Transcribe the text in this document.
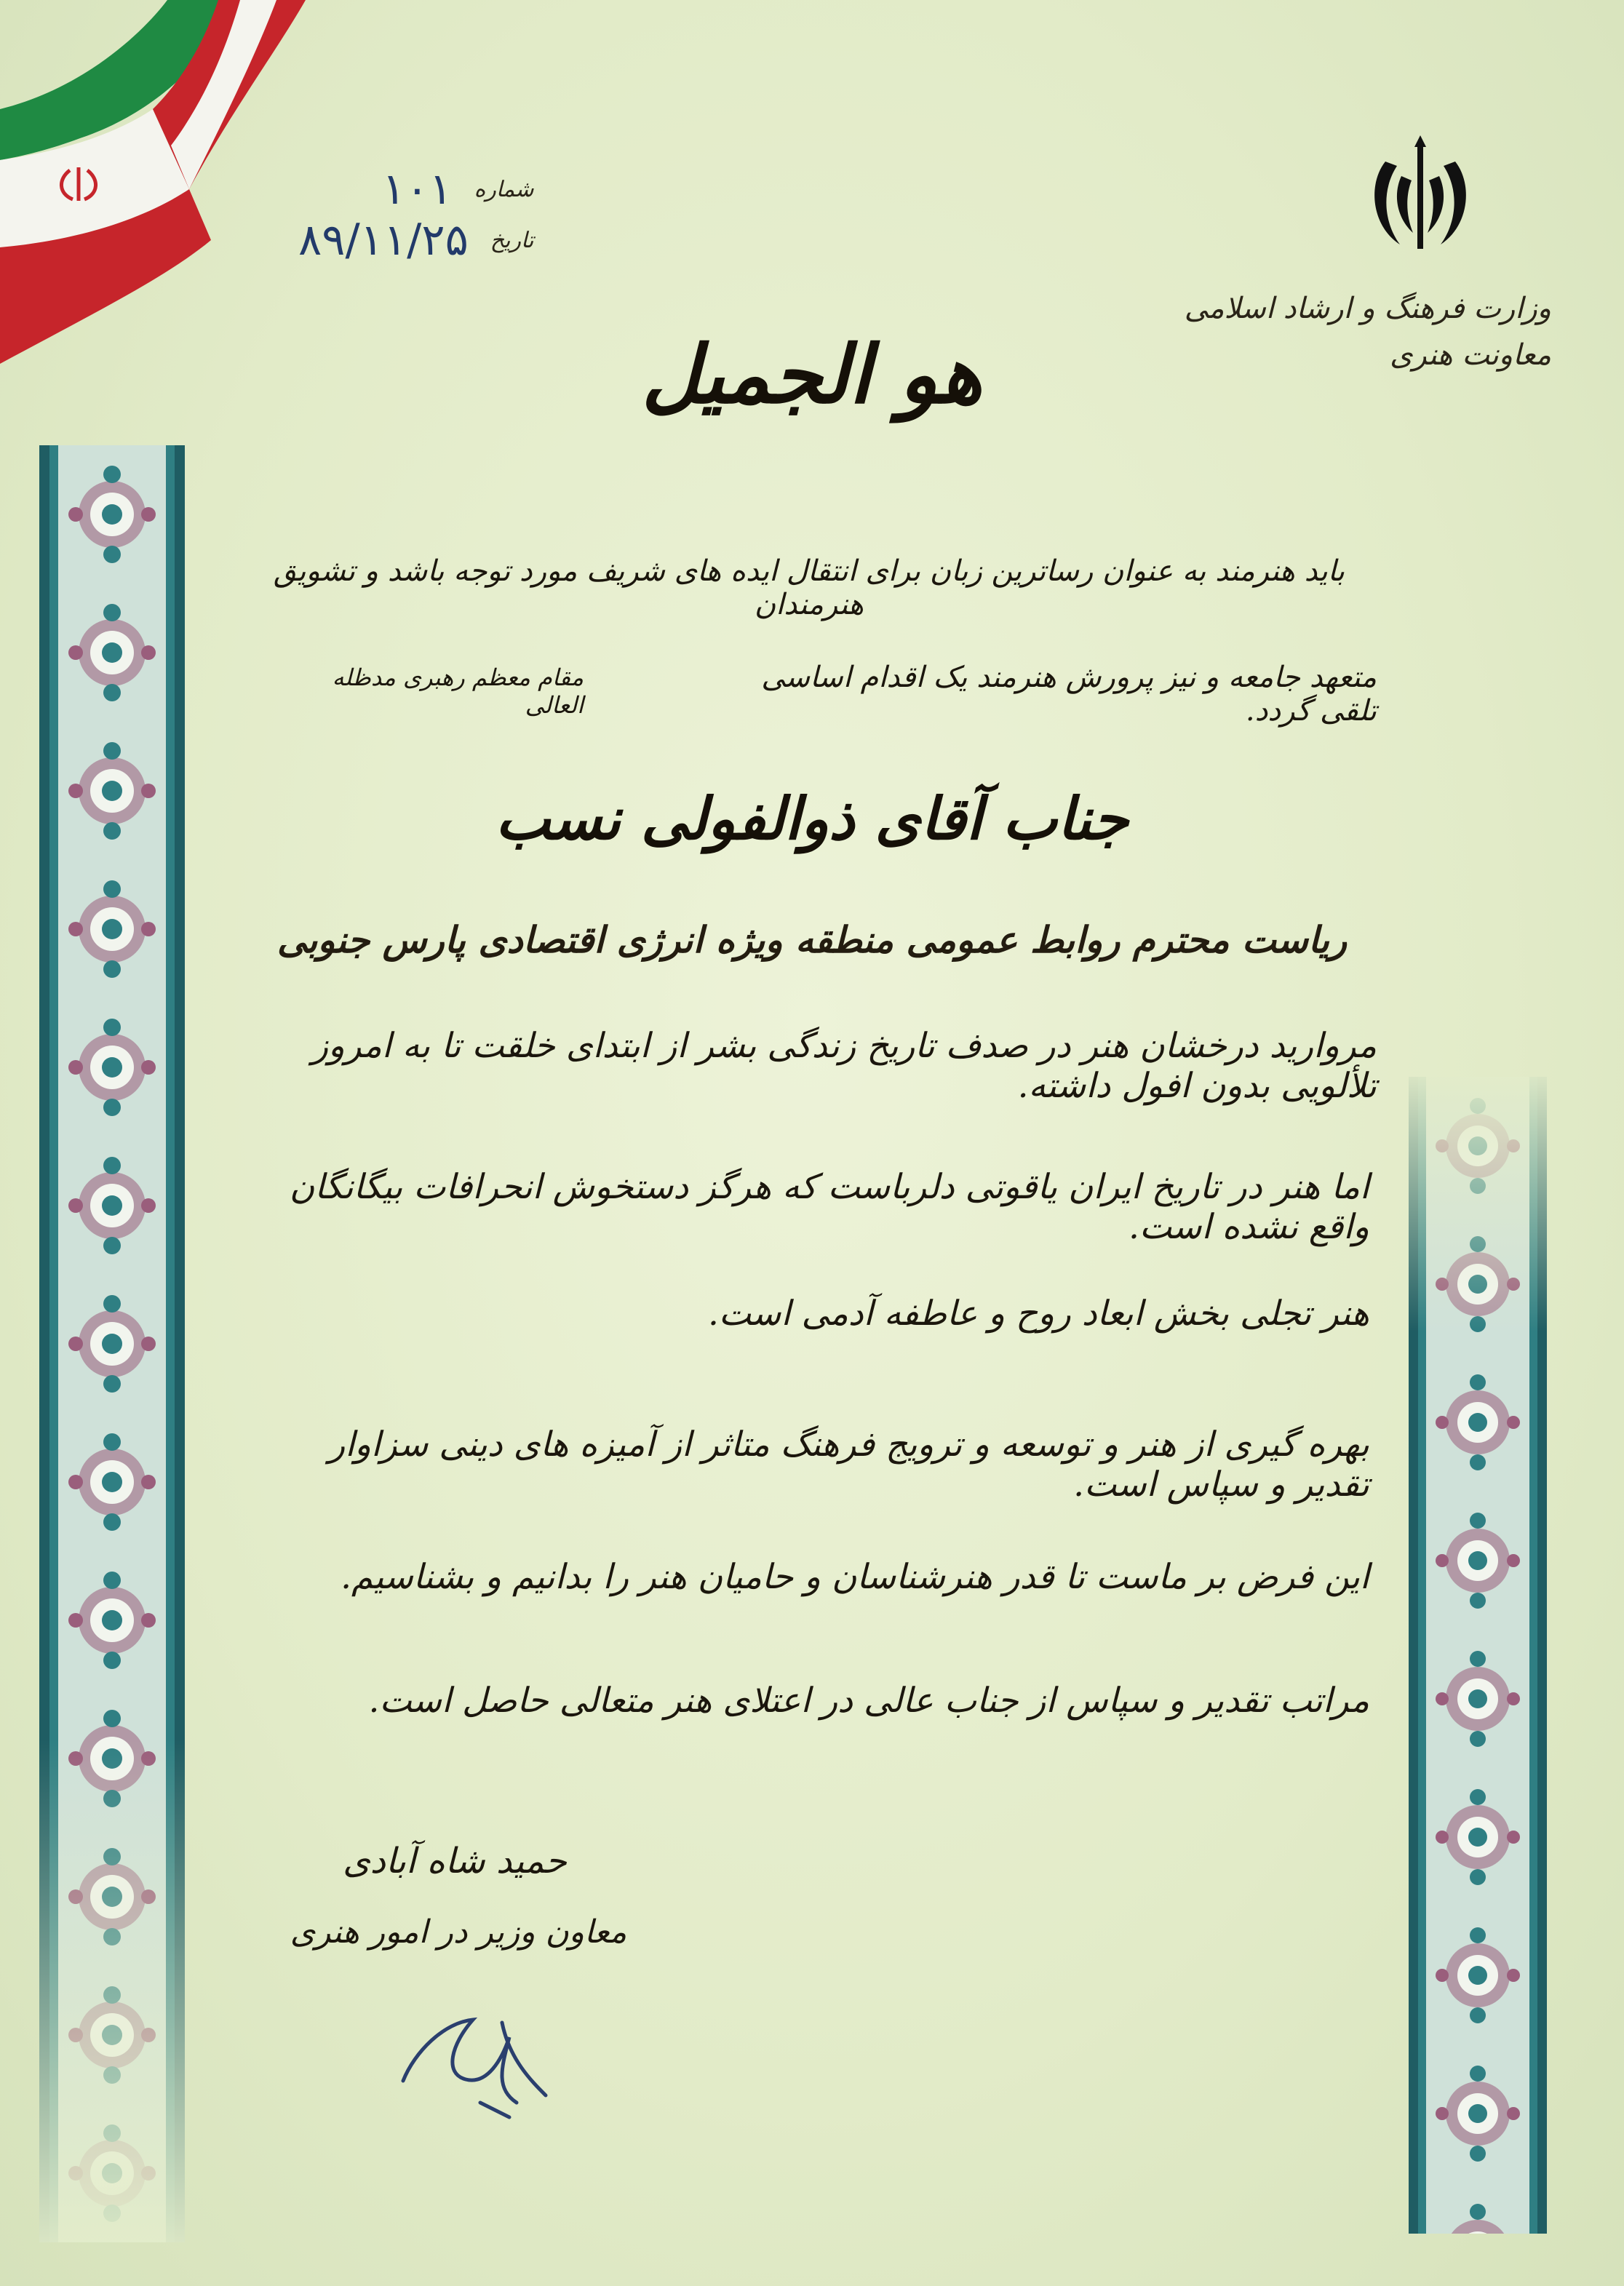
وزارت فرهنگ و ارشاد اسلامی
معاونت هنری
شماره
۱۰۱
تاریخ
۸۹/۱۱/۲۵
هو الجمیل
باید هنرمند به عنوان رساترین زبان برای انتقال ایده های شریف مورد توجه باشد و تشویق هنرمندان
متعهد جامعه و نیز پرورش هنرمند یک اقدام اساسی تلقی گردد.
مقام معظم رهبری مدظله العالی
جناب آقای ذوالفولی نسب
ریاست محترم روابط عمومی منطقه ویژه انرژی اقتصادی پارس جنوبی
مروارید درخشان هنر در صدف تاریخ زندگی بشر از ابتدای خلقت تا به امروز تلألویی بدون افول داشته.
اما هنر در تاریخ ایران یاقوتی دلرباست که هرگز دستخوش انحرافات بیگانگان واقع نشده است.
هنر تجلی بخش ابعاد روح و عاطفه آدمی است.
بهره گیری از هنر و توسعه و ترویج فرهنگ متاثر از آمیزه های دینی سزاوار تقدیر و سپاس است.
این فرض بر ماست تا قدر هنرشناسان و حامیان هنر را بدانیم و بشناسیم.
مراتب تقدیر و سپاس از جناب عالی در اعتلای هنر متعالی حاصل است.
حمید شاه آبادی
معاون وزیر در امور هنری
